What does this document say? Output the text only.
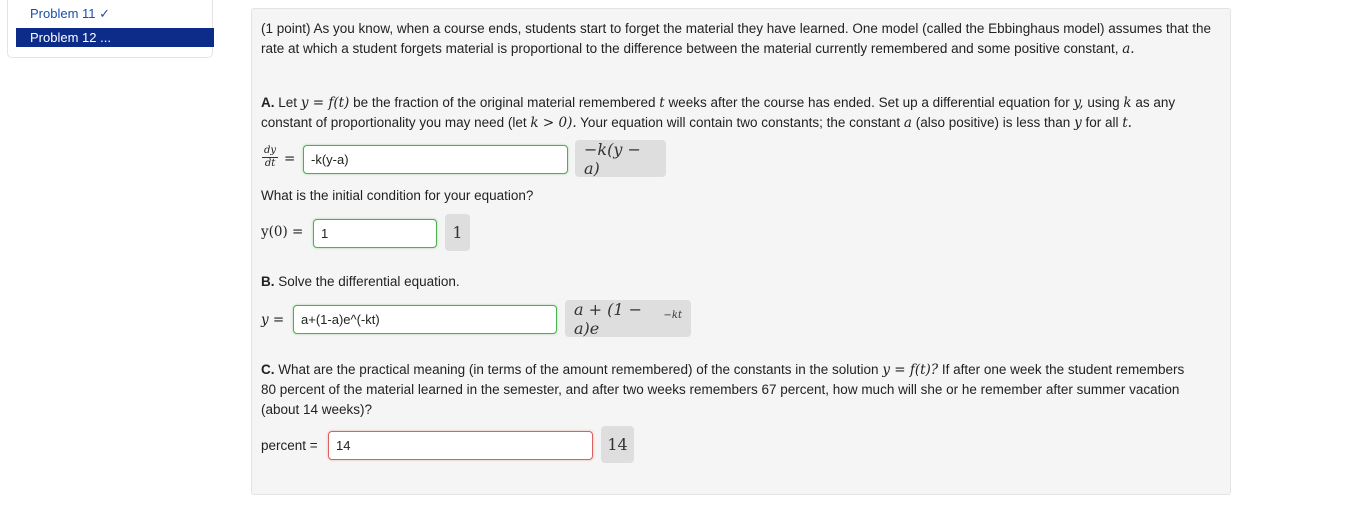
Problem 11 ✓
Problem 12 ...
(1 point) As you know, when a course ends, students start to forget the material they have learned. One model (called the Ebbinghaus model) assumes that the rate at which a student forgets material is proportional to the difference between the material currently remembered and some positive constant, a.
A. Let y = f(t) be the fraction of the original material remembered t weeks after the course has ended. Set up a differential equation for y, using k as any constant of proportionality you may need (let k > 0). Your equation will contain two constants; the constant a (also positive) is less than y for all t.
$\frac{dy}{dt}$ =
-k(y-a)
−k(y − a)
What is the initial condition for your equation?
y(0) =
1	1
B. Solve the differential equation.
y =
a+(1-a)e^(-kt)
a + (1 − a)e
$^{-kt}$
C. What are the practical meaning (in terms of the amount remembered) of the constants in the solution y = f(t)? If after one week the student remembers 80 percent of the material learned in the semester, and after two weeks remembers 67 percent, how much will she or he remember after summer vacation (about 14 weeks)?
percent =
14	14
